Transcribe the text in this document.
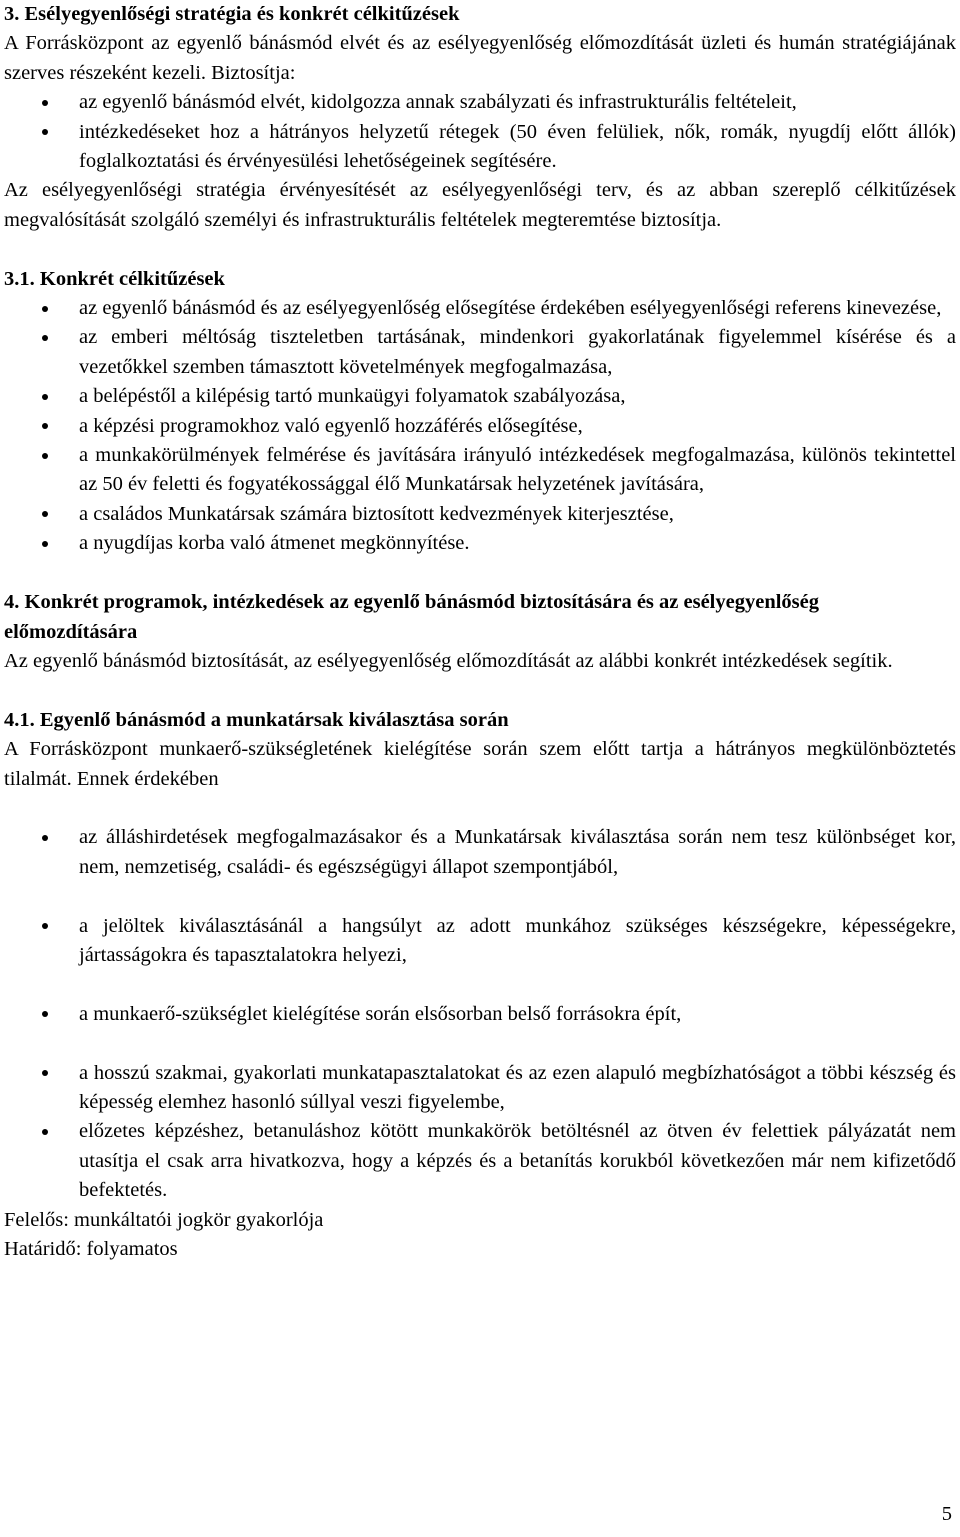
3. Esélyegyenlőségi stratégia és konkrét célkitűzések

A Forrásközpont az egyenlő bánásmód elvét és az esélyegyenlőség előmozdítását üzleti és humán stratégiájának szerves részeként kezeli. Biztosítja:

az egyenlő bánásmód elvét, kidolgozza annak szabályzati és infrastrukturális feltételeit,
intézkedéseket hoz a hátrányos helyzetű rétegek (50 éven felüliek, nők, romák, nyugdíj előtt állók) foglalkoztatási és érvényesülési lehetőségeinek segítésére.

Az esélyegyenlőségi stratégia érvényesítését az esélyegyenlőségi terv, és az abban szereplő célkitűzések megvalósítását szolgáló személyi és infrastrukturális feltételek megteremtése biztosítja.

3.1. Konkrét célkitűzések

az egyenlő bánásmód és az esélyegyenlőség elősegítése érdekében esélyegyenlőségi referens kinevezése,
az emberi méltóság tiszteletben tartásának, mindenkori gyakorlatának figyelemmel kísérése és a vezetőkkel szemben támasztott követelmények megfogalmazása,
a belépéstől a kilépésig tartó munkaügyi folyamatok szabályozása,
a képzési programokhoz való egyenlő hozzáférés elősegítése,
a munkakörülmények felmérése és javítására irányuló intézkedések megfogalmazása, különös tekintettel az 50 év feletti és fogyatékossággal élő Munkatársak helyzetének javítására,
a családos Munkatársak számára biztosított kedvezmények kiterjesztése,
a nyugdíjas korba való átmenet megkönnyítése.

4. Konkrét programok, intézkedések az egyenlő bánásmód biztosítására és az esélyegyenlőség előmozdítására

Az egyenlő bánásmód biztosítását, az esélyegyenlőség előmozdítását az alábbi konkrét intézkedések segítik.

4.1. Egyenlő bánásmód a munkatársak kiválasztása során

A Forrásközpont munkaerő-szükségletének kielégítése során szem előtt tartja a hátrányos megkülönböztetés tilalmát. Ennek érdekében

az álláshirdetések megfogalmazásakor és a Munkatársak kiválasztása során nem tesz különbséget kor, nem, nemzetiség, családi- és egészségügyi állapot szempontjából,
a jelöltek kiválasztásánál a hangsúlyt az adott munkához szükséges készségekre, képességekre, jártasságokra és tapasztalatokra helyezi,
a munkaerő-szükséglet kielégítése során elsősorban belső forrásokra épít,
a hosszú szakmai, gyakorlati munkatapasztalatokat és az ezen alapuló megbízhatóságot a többi készség és képesség elemhez hasonló súllyal veszi figyelembe,
előzetes képzéshez, betanuláshoz kötött munkakörök betöltésnél az ötven év felettiek pályázatát nem utasítja el csak arra hivatkozva, hogy a képzés és a betanítás korukból következően már nem kifizetődő befektetés.

Felelős: munkáltatói jogkör gyakorlója

Határidő: folyamatos

5
